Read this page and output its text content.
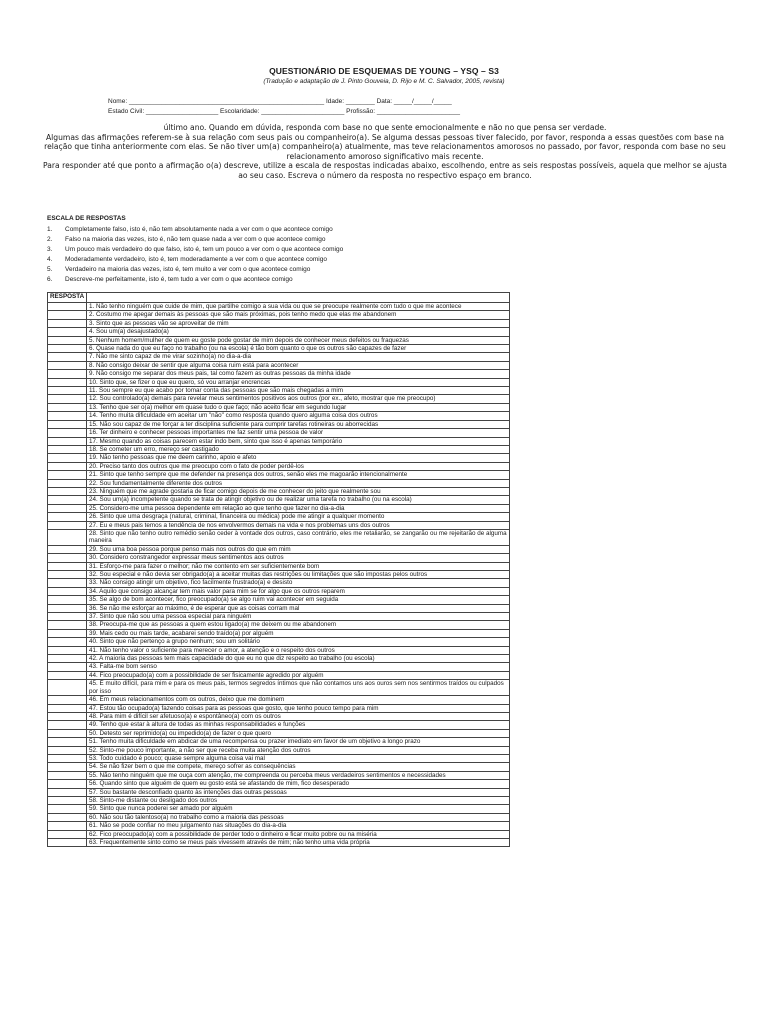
QUESTIONÁRIO DE ESQUEMAS DE YOUNG – YSQ – S3
(Tradução e adaptação de J. Pinto Gouveia, D. Rijo e M. C. Salvador, 2005, revista)
Nome: ______________________________________________________ Idade: ________ Data: _____/_____/_____
Estado Civil: ____________________ Escolaridade: _______________________ Profissão: _______________________

último ano. Quando em dúvida, responda com base no que sente emocionalmente e não no que pensa ser verdade.

Algumas das afirmações referem-se à sua relação com seus pais ou companheiro(a). Se alguma dessas pessoas tiver falecido, por favor, responda a essas questões com base na relação que tinha anteriormente com elas. Se não tiver um(a) companheiro(a) atualmente, mas teve relacionamentos amorosos no passado, por favor, responda com base no seu relacionamento amoroso significativo mais recente.

Para responder até que ponto a afirmação o(a) descreve, utilize a escala de respostas indicadas abaixo, escolhendo, entre as seis respostas possíveis, aquela que melhor se ajusta ao seu caso. Escreva o número da resposta no respectivo espaço em branco.

ESCALA DE RESPOSTAS
1. Completamente falso, isto é, não tem absolutamente nada a ver com o que acontece comigo
2. Falso na maioria das vezes, isto é, não tem quase nada a ver com o que acontece comigo
3. Um pouco mais verdadeiro do que falso, isto é, tem um pouco a ver com o que acontece comigo
4. Moderadamente verdadeiro, isto é, tem moderadamente a ver com o que acontece comigo
5. Verdadeiro na maioria das vezes, isto é, tem muito a ver com o que acontece comigo
6. Descreve-me perfeitamente, isto é, tem tudo a ver com o que acontece comigo
RESPOSTA	
	1. Não tenho ninguém que cuide de mim, que partilhe comigo a sua vida ou que se preocupe realmente com tudo o que me acontece
	2. Costumo me apegar demais às pessoas que são mais próximas, pois tenho medo que elas me abandonem
	3. Sinto que as pessoas vão se aproveitar de mim
	4. Sou um(a) desajustado(a)
	5. Nenhum homem/mulher de quem eu goste pode gostar de mim depois de conhecer meus defeitos ou fraquezas
	6. Quase nada do que eu faço no trabalho (ou na escola) é tão bom quanto o que os outros são capazes de fazer
	7. Não me sinto capaz de me virar sozinho(a) no dia-a-dia
	8. Não consigo deixar de sentir que alguma coisa ruim está para acontecer
	9. Não consigo me separar dos meus pais, tal como fazem as outras pessoas da minha idade
	10. Sinto que, se fizer o que eu quero, só vou arranjar encrencas
	11. Sou sempre eu que acabo por tomar conta das pessoas que são mais chegadas a mim
	12. Sou controlado(a) demais para revelar meus sentimentos positivos aos outros (por ex., afeto, mostrar que me preocupo)
	13. Tenho que ser o(a) melhor em quase tudo o que faço; não aceito ficar em segundo lugar
	14. Tenho muita dificuldade em aceitar um "não" como resposta quando quero alguma coisa dos outros
	15. Não sou capaz de me forçar a ter disciplina suficiente para cumprir tarefas rotineiras ou aborrecidas
	16. Ter dinheiro e conhecer pessoas importantes me faz sentir uma pessoa de valor
	17. Mesmo quando as coisas parecem estar indo bem, sinto que isso é apenas temporário
	18. Se cometer um erro, mereço ser castigado
	19. Não tenho pessoas que me deem carinho, apoio e afeto
	20. Preciso tanto dos outros que me preocupo com o fato de poder perdê-los
	21. Sinto que tenho sempre que me defender na presença dos outros, senão eles me magoarão intencionalmente
	22. Sou fundamentalmente diferente dos outros
	23. Ninguém que me agrade gostaria de ficar comigo depois de me conhecer do jeito que realmente sou
	24. Sou um(a) incompetente quando se trata de atingir objetivo ou de realizar uma tarefa no trabalho (ou na escola)
	25. Considero-me uma pessoa dependente em relação ao que tenho que fazer no dia-a-dia
	26. Sinto que uma desgraça (natural, criminal, financeira ou médica) pode me atingir a qualquer momento
	27. Eu e meus pais temos a tendência de nos envolvermos demais na vida e nos problemas uns dos outros
	28. Sinto que não tenho outro remédio senão ceder à vontade dos outros, caso contrário, eles me retaliarão, se zangarão ou me rejeitarão de alguma maneira
	29. Sou uma boa pessoa porque penso mais nos outros do que em mim
	30. Considero constrangedor expressar meus sentimentos aos outros
	31. Esforço-me para fazer o melhor; não me contento em ser suficientemente bom
	32. Sou especial e não devia ser obrigado(a) a aceitar muitas das restrições ou limitações que são impostas pelos outros
	33. Não consigo atingir um objetivo, fico facilmente frustrado(a) e desisto
	34. Aquilo que consigo alcançar tem mais valor para mim se for algo que os outros reparem
	35. Se algo de bom acontecer, fico preocupado(a) se algo ruim vai acontecer em seguida
	36. Se não me esforçar ao máximo, é de esperar que as coisas corram mal
	37. Sinto que não sou uma pessoa especial para ninguém
	38. Preocupa-me que as pessoas a quem estou ligado(a) me deixem ou me abandonem
	39. Mais cedo ou mais tarde, acabarei sendo traído(a) por alguém
	40. Sinto que não pertenço a grupo nenhum; sou um solitário
	41. Não tenho valor o suficiente para merecer o amor, a atenção e o respeito dos outros
	42. A maioria das pessoas tem mais capacidade do que eu no que diz respeito ao trabalho (ou escola)
	43. Falta-me bom senso
	44. Fico preocupado(a) com a possibilidade de ser fisicamente agredido por alguém
	45. É muito difícil, para mim e para os meus pais, termos segredos íntimos que não contamos uns aos ouros sem nos sentirmos traídos ou culpados por isso
	46. Em meus relacionamentos com os outros, deixo que me dominem
	47. Estou tão ocupado(a) fazendo coisas para as pessoas que gosto, que tenho pouco tempo para mim
	48. Para mim é difícil ser afetuoso(a) e espontâneo(a) com os outros
	49. Tenho que estar à altura de todas as minhas responsabilidades e funções
	50. Detesto ser reprimido(a) ou impedido(a) de fazer o que quero
	51. Tenho muita dificuldade em abdicar de uma recompensa ou prazer imediato em favor de um objetivo a longo prazo
	52. Sinto-me pouco importante, a não ser que receba muita atenção dos outros
	53. Todo cuidado é pouco; quase sempre alguma coisa vai mal
	54. Se não fizer bem o que me compete, mereço sofrer as consequências
	55. Não tenho ninguém que me ouça com atenção, me compreenda ou perceba meus verdadeiros sentimentos e necessidades
	56. Quando sinto que alguém de quem eu gosto está se afastando de mim, fico desesperado
	57. Sou bastante desconfiado quanto às intenções das outras pessoas
	58. Sinto-me distante ou desligado dos outros
	59. Sinto que nunca poderei ser amado por alguém
	60. Não sou tão talentoso(a) no trabalho como a maioria das pessoas
	61. Não se pode confiar no meu julgamento nas situações do dia-a-dia
	62. Fico preocupado(a) com a possibilidade de perder todo o dinheiro e ficar muito pobre ou na miséria
	63. Frequentemente sinto como se meus pais vivessem através de mim; não tenho uma vida própria
